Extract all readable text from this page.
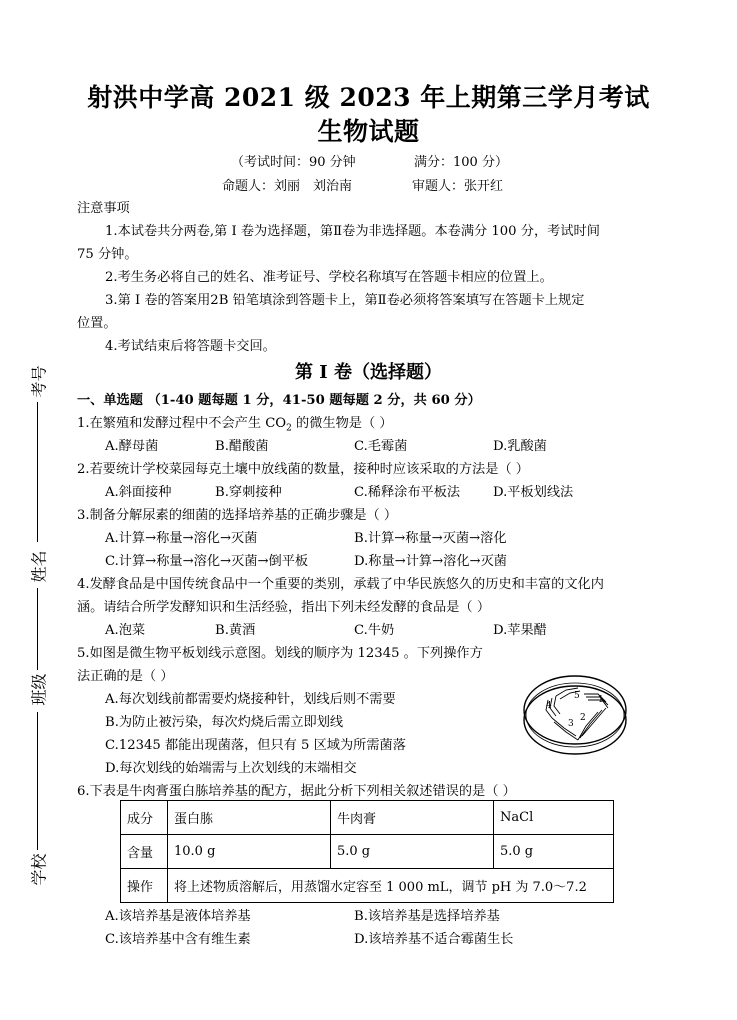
射洪中学高 2021 级 2023 年上期第三学月考试
生物试题
（考试时间：90 分钟	满分：100 分）
命题人：刘丽　刘治南	审题人：张开红
注意事项
1.本试卷共分两卷,第 I 卷为选择题，第Ⅱ卷为非选择题。本卷满分 100 分，考试时间
75 分钟。
2.考生务必将自己的姓名、准考证号、学校名称填写在答题卡相应的位置上。
3.第 I 卷的答案用2B 铅笔填涂到答题卡上，第Ⅱ卷必须将答案填写在答题卡上规定
位置。
4.考试结束后将答题卡交回。
考号
姓名
班级
学校
第 I 卷（选择题）
一、单选题 （1-40 题每题 1 分，41-50 题每题 2 分，共 60 分）
1.在繁殖和发酵过程中不会产生 $CO_2$ 的微生物是（ ）
A.酵母菌	B.醋酸菌	C.毛霉菌	D.乳酸菌
2.若要统计学校菜园每克土壤中放线菌的数量，接种时应该采取的方法是（ ）
A.斜面接种	B.穿刺接种	C.稀释涂布平板法 D.平板划线法
3.制备分解尿素的细菌的选择培养基的正确步骤是（ ）
A.计算→称量→溶化→灭菌	B.计算→称量→灭菌→溶化
C.计算→称量→溶化→灭菌→倒平板	D.称量→计算→溶化→灭菌
4.发酵食品是中国传统食品中一个重要的类别，承载了中华民族悠久的历史和丰富的文化内
涵。请结合所学发酵知识和生活经验，指出下列未经发酵的食品是（ ）
A.泡菜	B.黄酒	C.牛奶	D.苹果醋
5.如图是微生物平板划线示意图。划线的顺序为 12345 。下列操作方
法正确的是（ ）
A.每次划线前都需要灼烧接种针，划线后则不需要
B.为防止被污染，每次灼烧后需立即划线
C.12345 都能出现菌落，但只有 5 区域为所需菌落
D.每次划线的始端需与上次划线的末端相交
4
5 1
2
3
6.下表是牛肉膏蛋白胨培养基的配方，据此分析下列相关叙述错误的是（ ）
成分	蛋白胨	牛肉膏	NaCl
含量	10.0 g	5.0 g	5.0 g
操作	将上述物质溶解后，用蒸馏水定容至 1 000 mL，调节 pH 为 7.0～7.2		
A.该培养基是液体培养基	B.该培养基是选择培养基
C.该培养基中含有维生素	D.该培养基不适合霉菌生长
